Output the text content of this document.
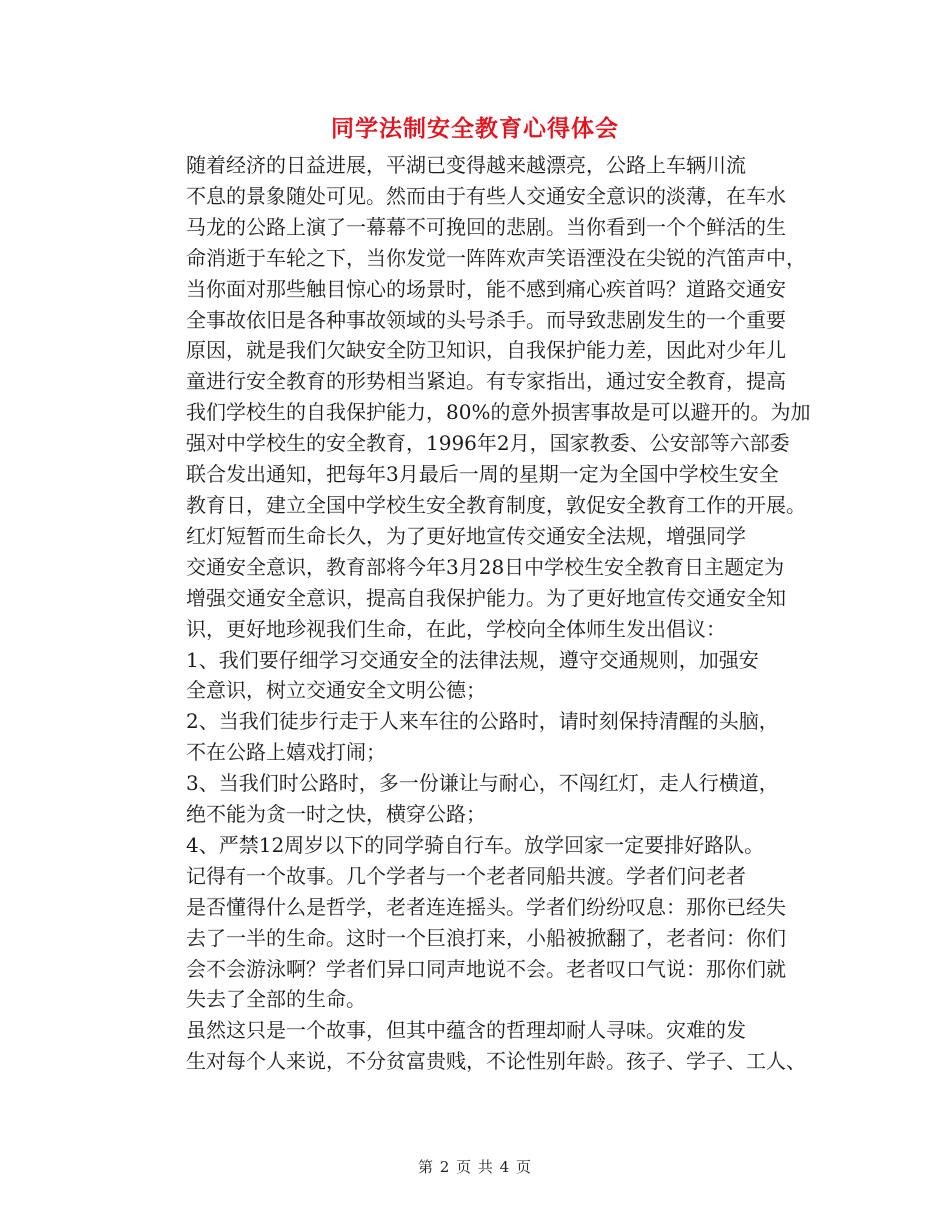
同学法制安全教育心得体会
随着经济的日益进展，平湖已变得越来越漂亮，公路上车辆川流
不息的景象随处可见。然而由于有些人交通安全意识的淡薄，在车水
马龙的公路上演了一幕幕不可挽回的悲剧。当你看到一个个鲜活的生
命消逝于车轮之下，当你发觉一阵阵欢声笑语湮没在尖锐的汽笛声中，
当你面对那些触目惊心的场景时，能不感到痛心疾首吗？道路交通安
全事故依旧是各种事故领域的头号杀手。而导致悲剧发生的一个重要
原因，就是我们欠缺安全防卫知识，自我保护能力差，因此对少年儿
童进行安全教育的形势相当紧迫。有专家指出，通过安全教育，提高
我们学校生的自我保护能力，80%的意外损害事故是可以避开的。为加
强对中学校生的安全教育，1996年2月，国家教委、公安部等六部委
联合发出通知，把每年3月最后一周的星期一定为全国中学校生安全
教育日，建立全国中学校生安全教育制度，敦促安全教育工作的开展。
红灯短暂而生命长久，为了更好地宣传交通安全法规，增强同学
交通安全意识，教育部将今年3月28日中学校生安全教育日主题定为
增强交通安全意识，提高自我保护能力。为了更好地宣传交通安全知
识，更好地珍视我们生命，在此，学校向全体师生发出倡议：
1、我们要仔细学习交通安全的法律法规，遵守交通规则，加强安
全意识，树立交通安全文明公德；
2、当我们徒步行走于人来车往的公路时，请时刻保持清醒的头脑，
不在公路上嬉戏打闹；
3、当我们时公路时，多一份谦让与耐心，不闯红灯，走人行横道，
绝不能为贪一时之快，横穿公路；
4、严禁12周岁以下的同学骑自行车。放学回家一定要排好路队。
记得有一个故事。几个学者与一个老者同船共渡。学者们问老者
是否懂得什么是哲学，老者连连摇头。学者们纷纷叹息：那你已经失
去了一半的生命。这时一个巨浪打来，小船被掀翻了，老者问：你们
会不会游泳啊？学者们异口同声地说不会。老者叹口气说：那你们就
失去了全部的生命。
虽然这只是一个故事，但其中蕴含的哲理却耐人寻味。灾难的发
生对每个人来说，不分贫富贵贱，不论性别年龄。孩子、学子、工人、
第 2 页 共 4 页
